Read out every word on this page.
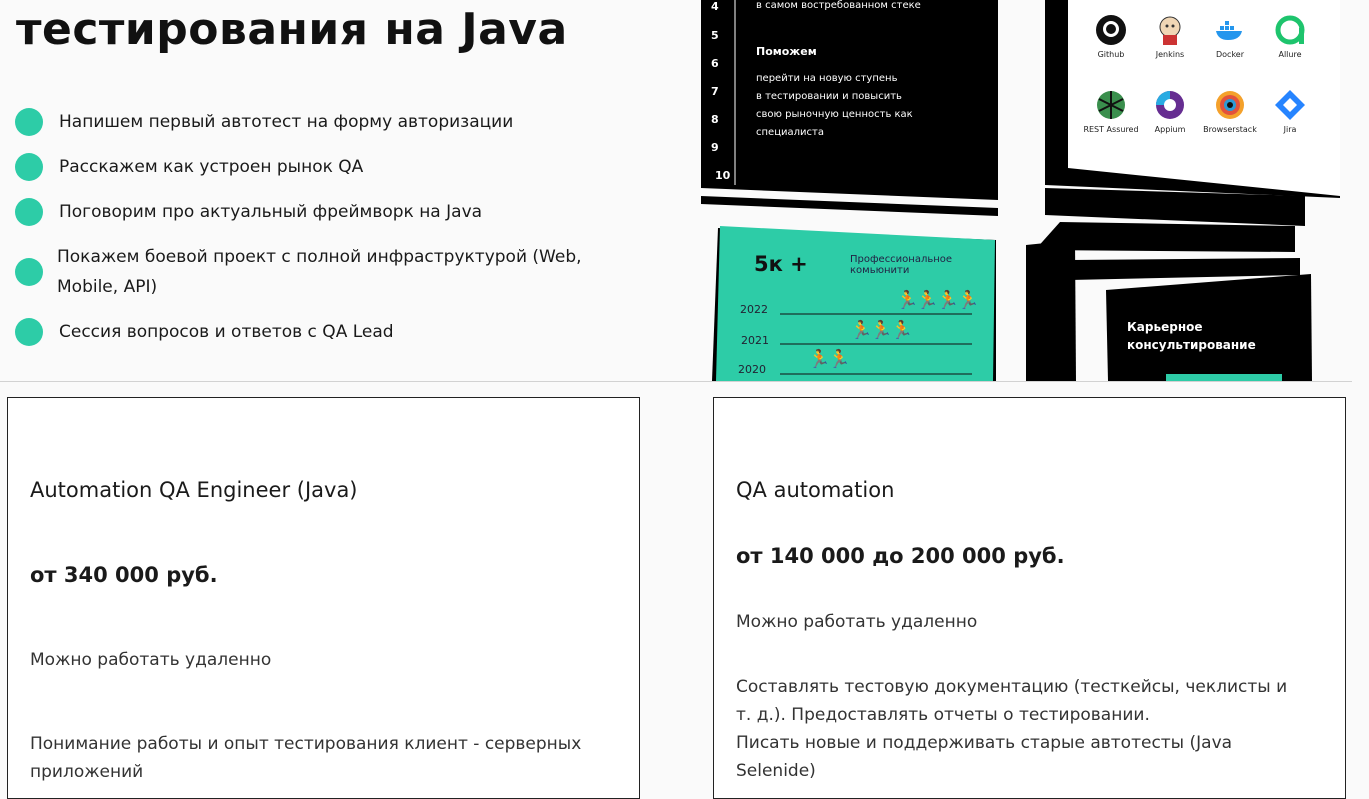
тестирования на Java
Напишем первый автотест на форму авторизации
Расскажем как устроен рынок QA
Поговорим про актуальный фреймворк на Java
Покажем боевой проект с полной инфраструктурой (Web, Mobile, API)
Сессия вопросов и ответов с QA Lead
4
5
6
7
8
9
10
в самом востребованном стеке
Поможем
перейти на новую ступень
в тестировании и повысить
свою рыночную ценность как
специалиста
5к +	Профессиональное
комьюнити
2022
2021
2020
🏃🏃🏃🏃
🏃🏃🏃
🏃🏃
Github	Jenkins	Docker	Allure
REST Assured	Appium	Browserstack	Jira
Карьерное
консультирование
Automation QA Engineer (Java)
от 340 000 руб.
Можно работать удаленно
Понимание работы и опыт тестирования клиент - серверных приложений
QA automation
от 140 000 до 200 000 руб.
Можно работать удаленно
Составлять тестовую документацию (тесткейсы, чеклисты и т. д.). Предоставлять отчеты о тестировании.
Писать новые и поддерживать старые автотесты (Java Selenide)
